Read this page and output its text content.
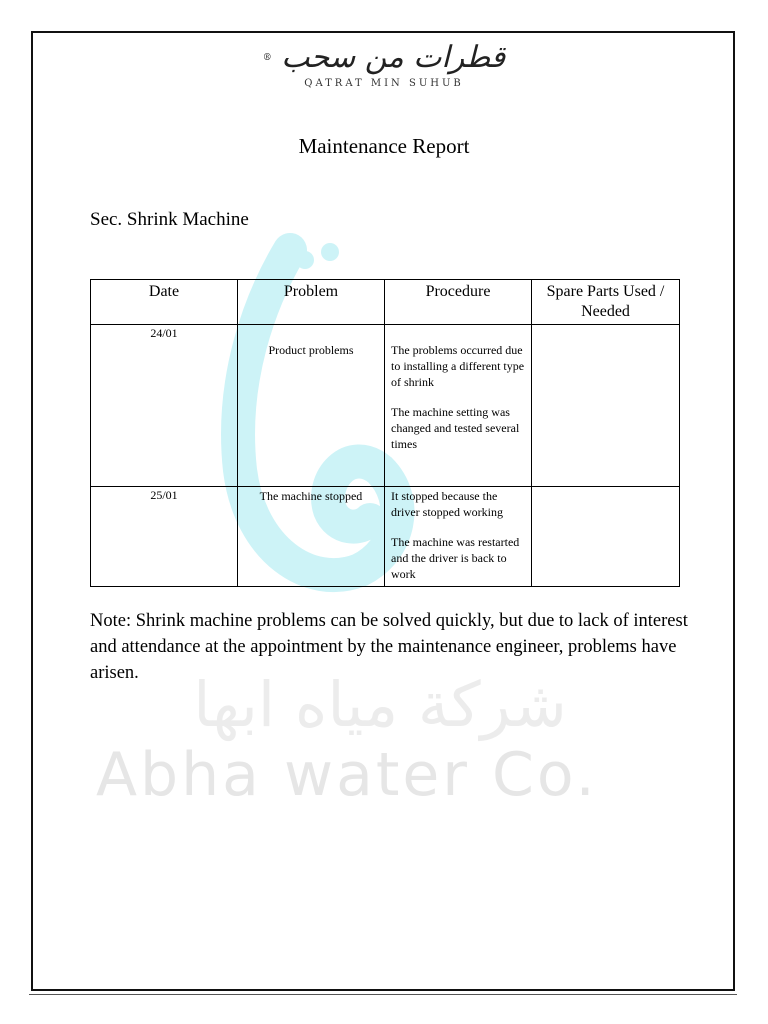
شركة مياه ابها
Abha water Co.
قطرات من سحب ®
QATRAT MIN SUHUB
Maintenance Report
Sec. Shrink Machine
Date	Problem	Procedure	Spare Parts Used / Needed
24/01	Product problems	The problems occurred due to installing a different type of shrink

The machine setting was changed and tested several times	

25/01	The machine stopped	It stopped because the driver stopped working

The machine was restarted and the driver is back to work	

Note: Shrink machine problems can be solved quickly, but due to lack of interest and attendance at the appointment by the maintenance engineer, problems have arisen.
